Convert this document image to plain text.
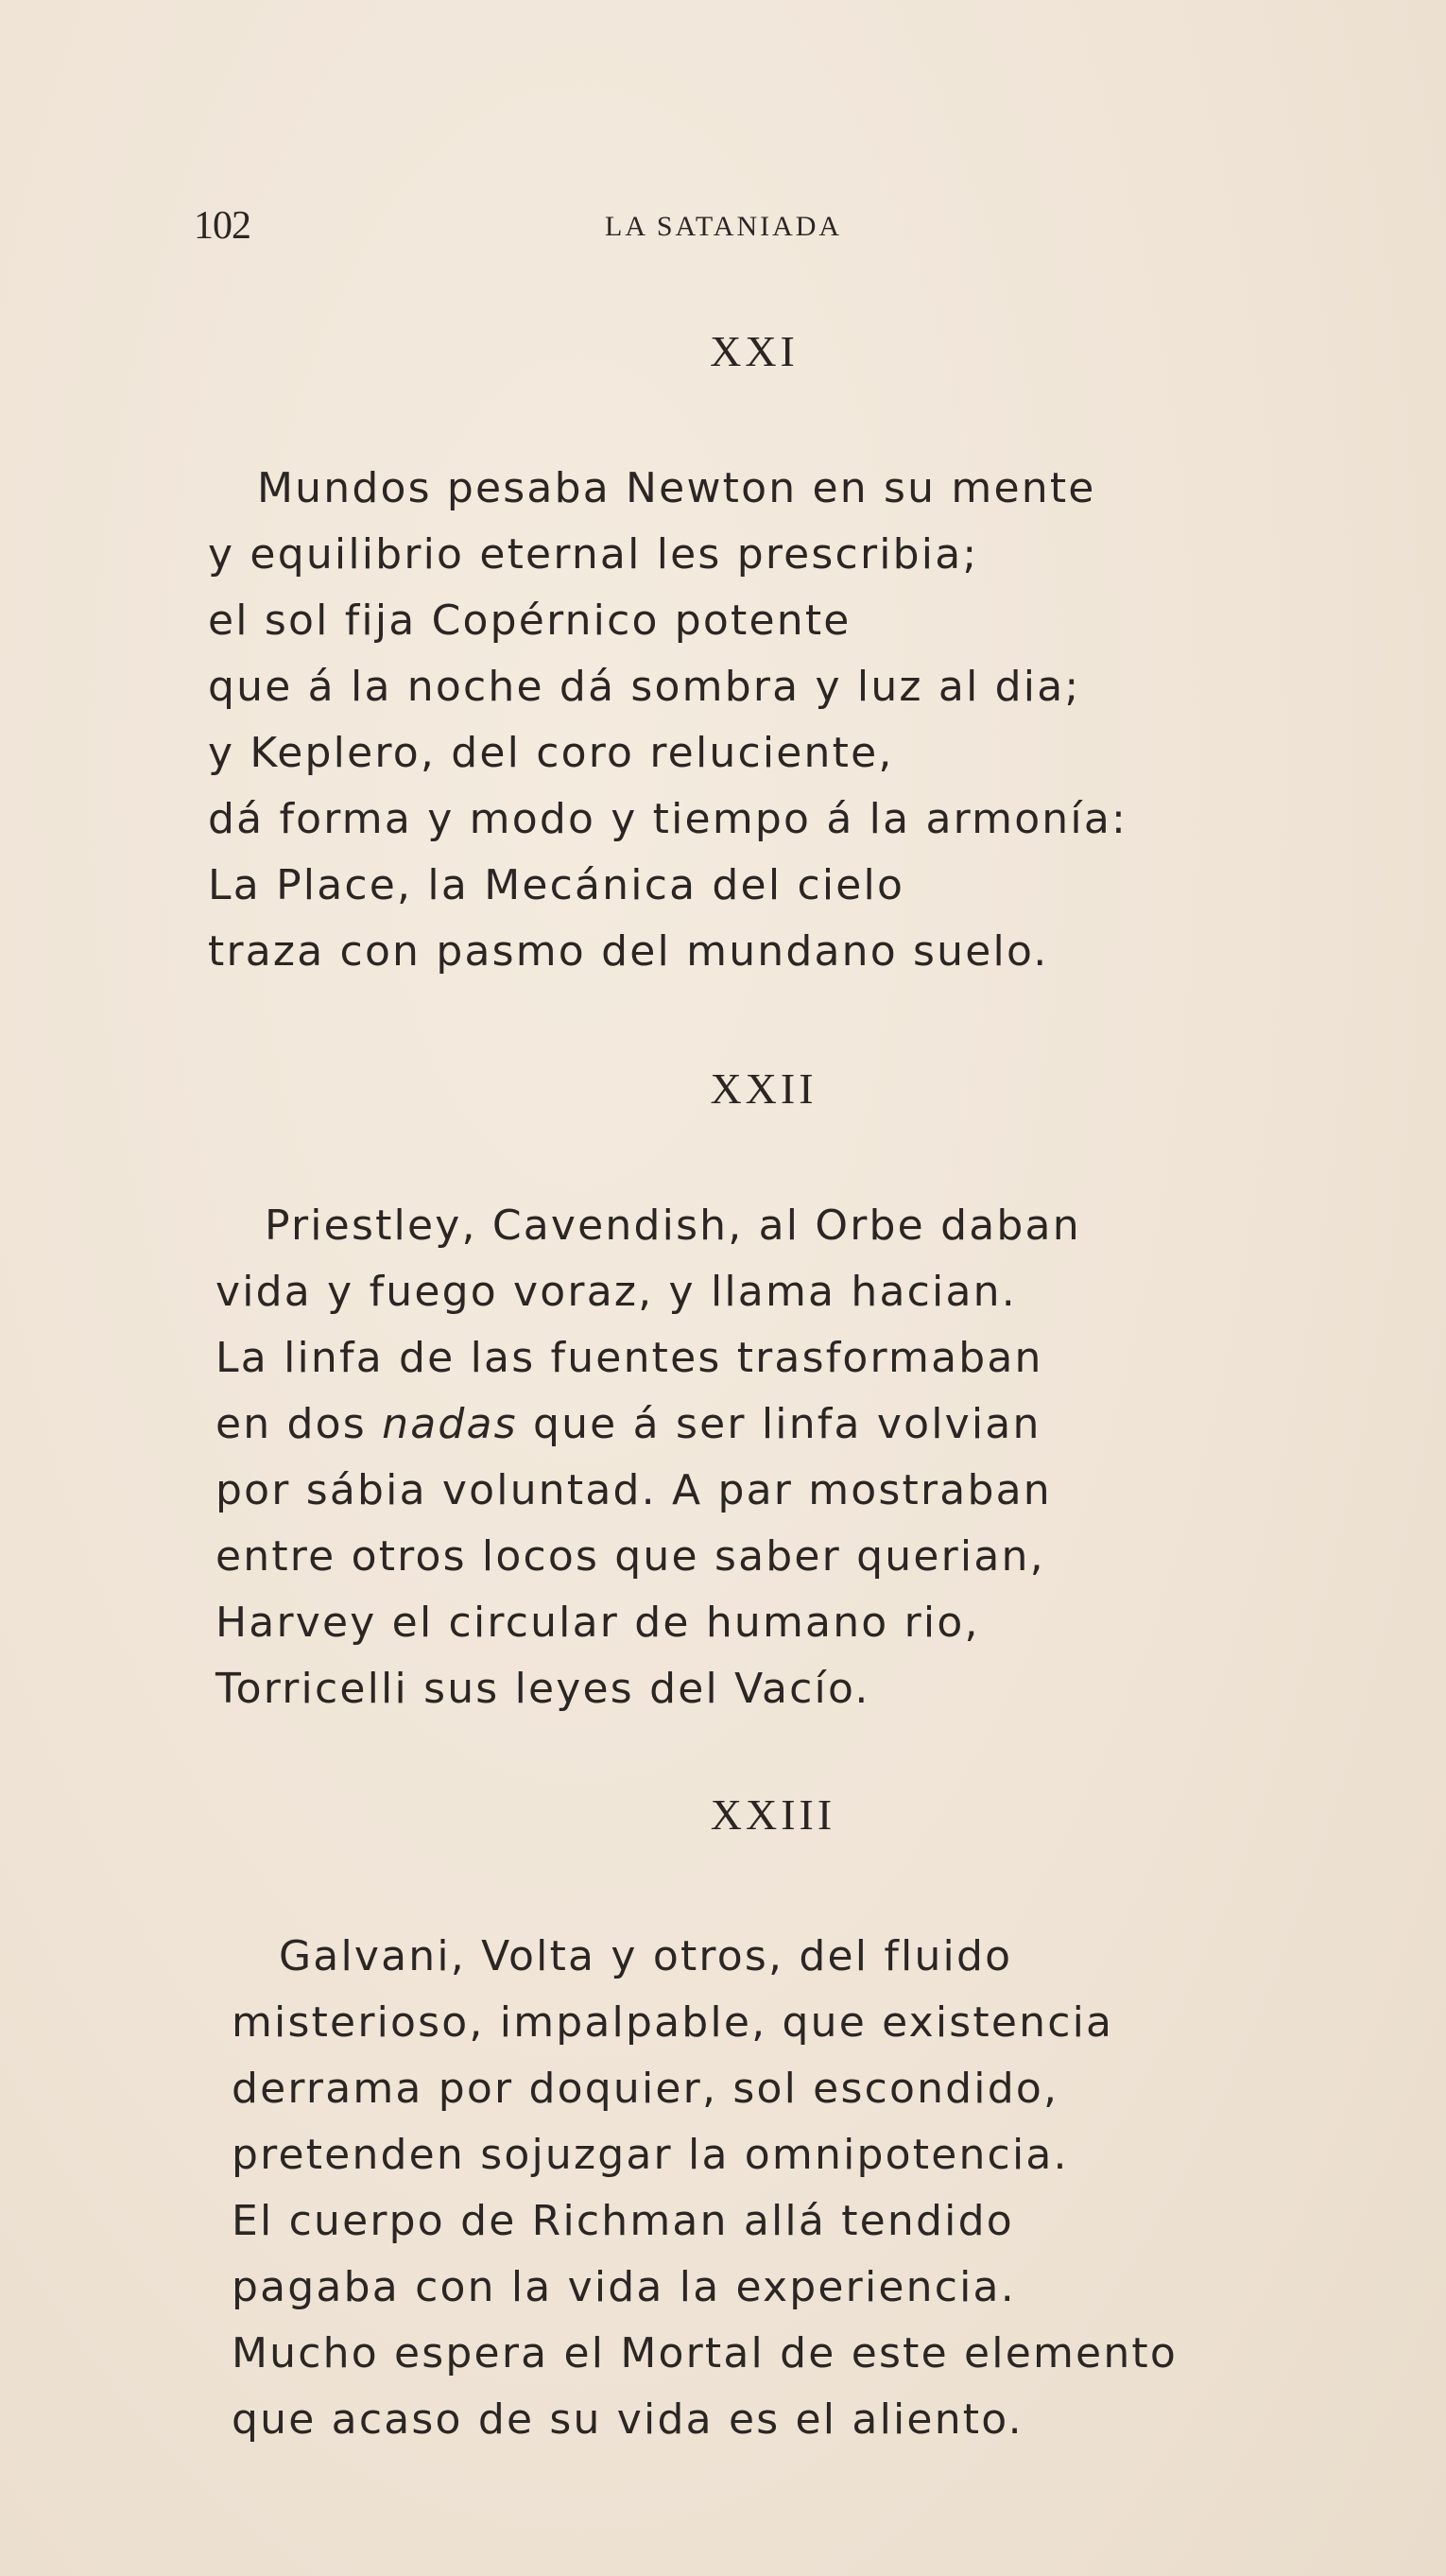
102	LA SATANIADA
XXI
Mundos pesaba Newton en su mente
y equilibrio eternal les prescribia;
el sol fija Copérnico potente
que á la noche dá sombra y luz al dia;
y Keplero, del coro reluciente,
dá forma y modo y tiempo á la armonía:
La Place, la Mecánica del cielo
traza con pasmo del mundano suelo.
XXII
Priestley, Cavendish, al Orbe daban
vida y fuego voraz, y llama hacian.
La linfa de las fuentes trasformaban
en dos nadas que á ser linfa volvian
por sábia voluntad. A par mostraban
entre otros locos que saber querian,
Harvey el circular de humano rio,
Torricelli sus leyes del Vacío.
XXIII
Galvani, Volta y otros, del fluido
misterioso, impalpable, que existencia
derrama por doquier, sol escondido,
pretenden sojuzgar la omnipotencia.
El cuerpo de Richman allá tendido
pagaba con la vida la experiencia.
Mucho espera el Mortal de este elemento
que acaso de su vida es el aliento.
